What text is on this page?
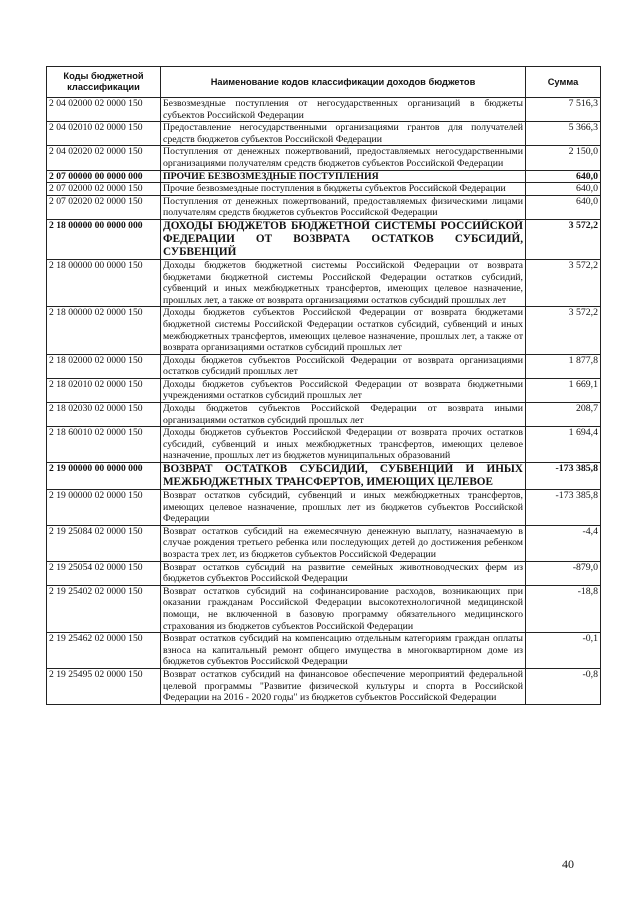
Коды бюджетной классификации	Наименование кодов классификации доходов бюджетов	Сумма
2 04 02000 02 0000 150	Безвозмездные поступления от негосударственных организаций в бюджеты субъектов Российской Федерации	7 516,3
2 04 02010 02 0000 150	Предоставление негосударственными организациями грантов для получателей средств бюджетов субъектов Российской Федерации	5 366,3
2 04 02020 02 0000 150	Поступления от денежных пожертвований, предоставляемых негосударственными организациями получателям средств бюджетов субъектов Российской Федерации	2 150,0
2 07 00000 00 0000 000	ПРОЧИЕ БЕЗВОЗМЕЗДНЫЕ ПОСТУПЛЕНИЯ	640,0
2 07 02000 02 0000 150	Прочие безвозмездные поступления в бюджеты субъектов Российской Федерации	640,0
2 07 02020 02 0000 150	Поступления от денежных пожертвований, предоставляемых физическими лицами получателям средств бюджетов субъектов Российской Федерации	640,0
2 18 00000 00 0000 000	ДОХОДЫ БЮДЖЕТОВ БЮДЖЕТНОЙ СИСТЕМЫ РОССИЙСКОЙ ФЕДЕРАЦИИ ОТ ВОЗВРАТА ОСТАТКОВ СУБСИДИЙ, СУБВЕНЦИЙ	3 572,2
2 18 00000 00 0000 150	Доходы бюджетов бюджетной системы Российской Федерации от возврата бюджетами бюджетной системы Российской Федерации остатков субсидий, субвенций и иных межбюджетных трансфертов, имеющих целевое назначение, прошлых лет, а также от возврата организациями остатков субсидий прошлых лет	3 572,2
2 18 00000 02 0000 150	Доходы бюджетов субъектов Российской Федерации от возврата бюджетами бюджетной системы Российской Федерации остатков субсидий, субвенций и иных межбюджетных трансфертов, имеющих целевое назначение, прошлых лет, а также от возврата организациями остатков субсидий прошлых лет	3 572,2
2 18 02000 02 0000 150	Доходы бюджетов субъектов Российской Федерации от возврата организациями остатков субсидий прошлых лет	1 877,8
2 18 02010 02 0000 150	Доходы бюджетов субъектов Российской Федерации от возврата бюджетными учреждениями остатков субсидий прошлых лет	1 669,1
2 18 02030 02 0000 150	Доходы бюджетов субъектов Российской Федерации от возврата иными организациями остатков субсидий прошлых лет	208,7
2 18 60010 02 0000 150	Доходы бюджетов субъектов Российской Федерации от возврата прочих остатков субсидий, субвенций и иных межбюджетных трансфертов, имеющих целевое назначение, прошлых лет из бюджетов муниципальных образований	1 694,4
2 19 00000 00 0000 000	ВОЗВРАТ ОСТАТКОВ СУБСИДИЙ, СУБВЕНЦИЙ И ИНЫХ МЕЖБЮДЖЕТНЫХ ТРАНСФЕРТОВ, ИМЕЮЩИХ ЦЕЛЕВОЕ	-173 385,8
2 19 00000 02 0000 150	Возврат остатков субсидий, субвенций и иных межбюджетных трансфертов, имеющих целевое назначение, прошлых лет из бюджетов субъектов Российской Федерации	-173 385,8
2 19 25084 02 0000 150	Возврат остатков субсидий на ежемесячную денежную выплату, назначаемую в случае рождения третьего ребенка или последующих детей до достижения ребенком возраста трех лет, из бюджетов субъектов Российской Федерации	-4,4
2 19 25054 02 0000 150	Возврат остатков субсидий на развитие семейных животноводческих ферм из бюджетов субъектов Российской Федерации	-879,0
2 19 25402 02 0000 150	Возврат остатков субсидий на софинансирование расходов, возникающих при оказании гражданам Российской Федерации высокотехнологичной медицинской помощи, не включенной в базовую программу обязательного медицинского страхования из бюджетов субъектов Российской Федерации	-18,8
2 19 25462 02 0000 150	Возврат остатков субсидий на компенсацию отдельным категориям граждан оплаты взноса на капитальный ремонт общего имущества в многоквартирном доме из бюджетов субъектов Российской Федерации	-0,1
2 19 25495 02 0000 150	Возврат остатков субсидий на финансовое обеспечение мероприятий федеральной целевой программы "Развитие физической культуры и спорта в Российской Федерации на 2016 - 2020 годы" из бюджетов субъектов Российской Федерации	-0,8
40
